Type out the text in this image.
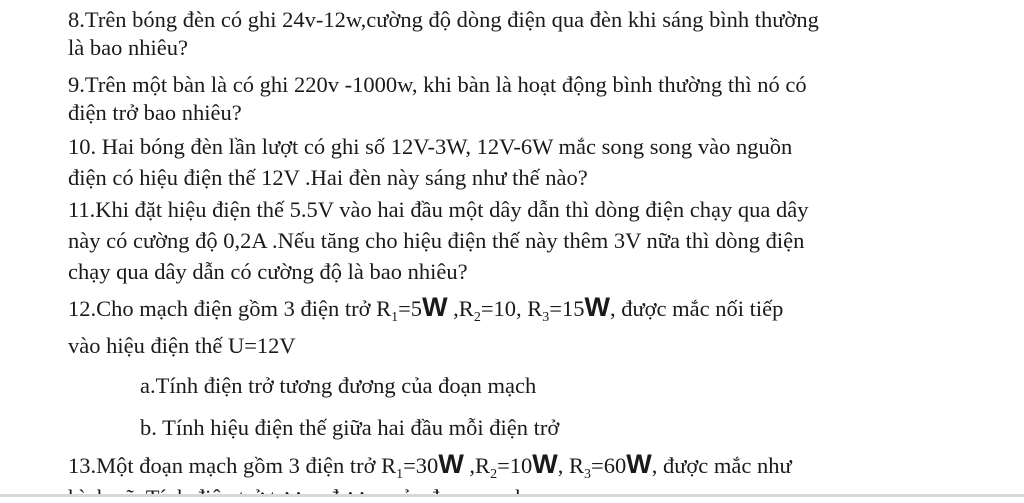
8.Trên bóng đèn có ghi 24v-12w,cường độ dòng điện qua đèn khi sáng bình thường
là bao nhiêu?
9.Trên một bàn là có ghi 220v -1000w, khi bàn là hoạt động bình thường thì nó có
điện trở bao nhiêu?
10. Hai bóng đèn lần lượt có ghi số 12V-3W, 12V-6W mắc song song vào nguồn
điện có hiệu điện thế 12V .Hai đèn này sáng như thế nào?
11.Khi đặt hiệu điện thế 5.5V vào hai đầu một dây dẫn thì dòng điện chạy qua dây
này có cường độ 0,2A .Nếu tăng cho hiệu điện thế này thêm 3V nữa thì dòng điện
chạy qua dây dẫn có cường độ là bao nhiêu?
12.Cho mạch điện gồm 3 điện trở $R_1=5W$ $,R_2=10$, $R_3=15W$, được mắc nối tiếp
vào hiệu điện thế U=12V
a.Tính điện trở tương đương của đoạn mạch
b. Tính hiệu điện thế giữa hai đầu mỗi điện trở
13.Một đoạn mạch gồm 3 điện trở $R_1=30W$ $,R_2=10W$, $R_3=60W$, được mắc như
